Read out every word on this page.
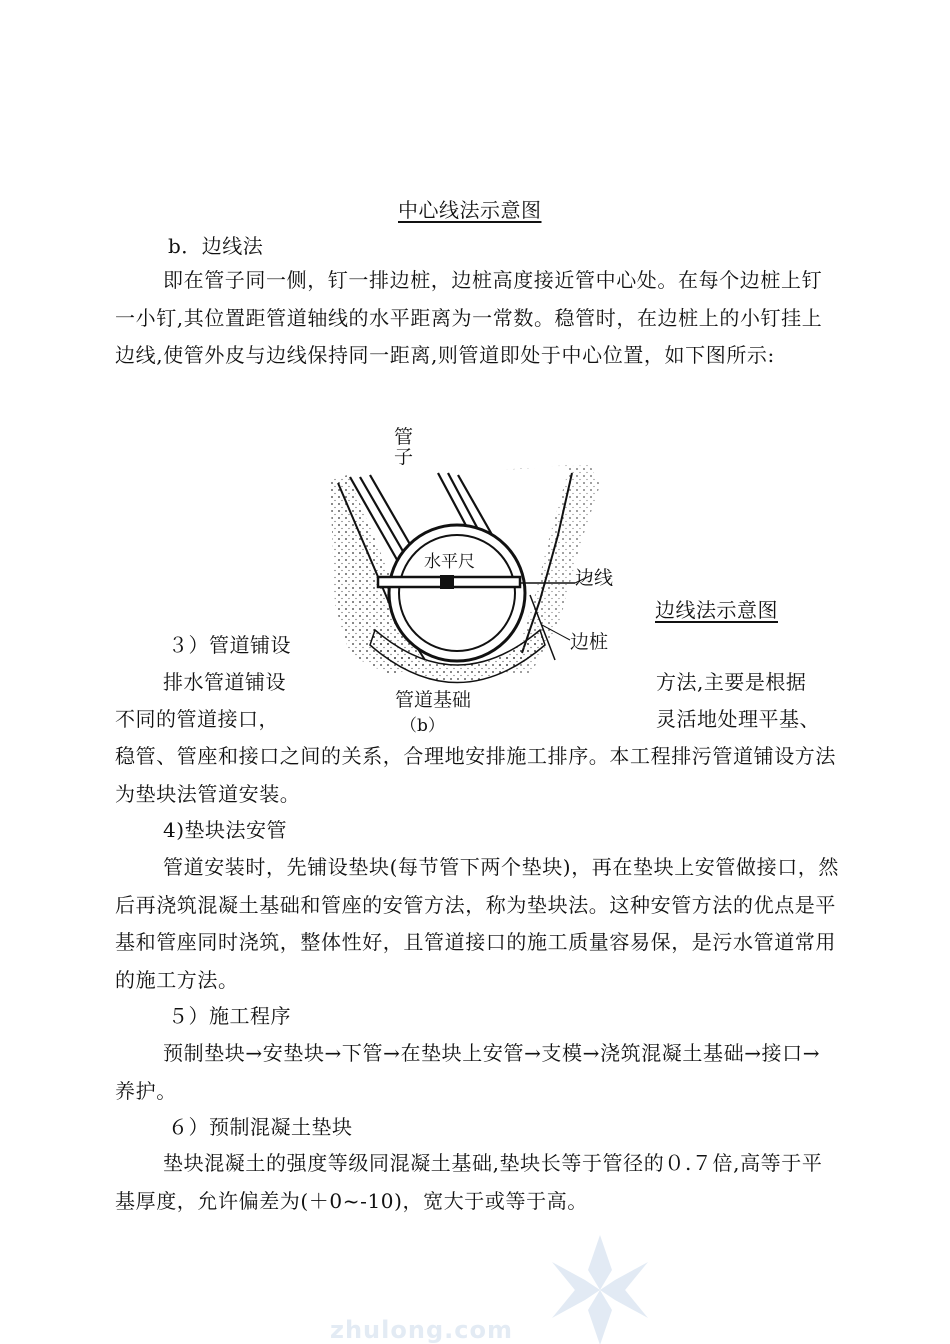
中心线法示意图
b．边线法
即在管子同一侧，钉一排边桩，边桩高度接近管中心处。在每个边桩上钉一小钉,其位置距管道轴线的水平距离为一常数。稳管时，在边桩上的小钉挂上边线,使管外皮与边线保持同一距离,则管道即处于中心位置，如下图所示:
管子
水平尺
边线
边桩
管道基础
（b）
边线法示意图
３）管道铺设
排水管道铺设	方法,主要是根据
不同的管道接口，	灵活地处理平基、
稳管、管座和接口之间的关系，合理地安排施工排序。本工程排污管道铺设方法为垫块法管道安装。
4)垫块法安管
管道安装时，先铺设垫块(每节管下两个垫块)，再在垫块上安管做接口，然后再浇筑混凝土基础和管座的安管方法，称为垫块法。这种安管方法的优点是平基和管座同时浇筑，整体性好，且管道接口的施工质量容易保，是污水管道常用的施工方法。
５）施工程序
预制垫块→安垫块→下管→在垫块上安管→支模→浇筑混凝土基础→接口→养护。
６）预制混凝土垫块
垫块混凝土的强度等级同混凝土基础,垫块长等于管径的０.７倍,高等于平基厚度，允许偏差为(＋0~-10)，宽大于或等于高。
zhulong.com
